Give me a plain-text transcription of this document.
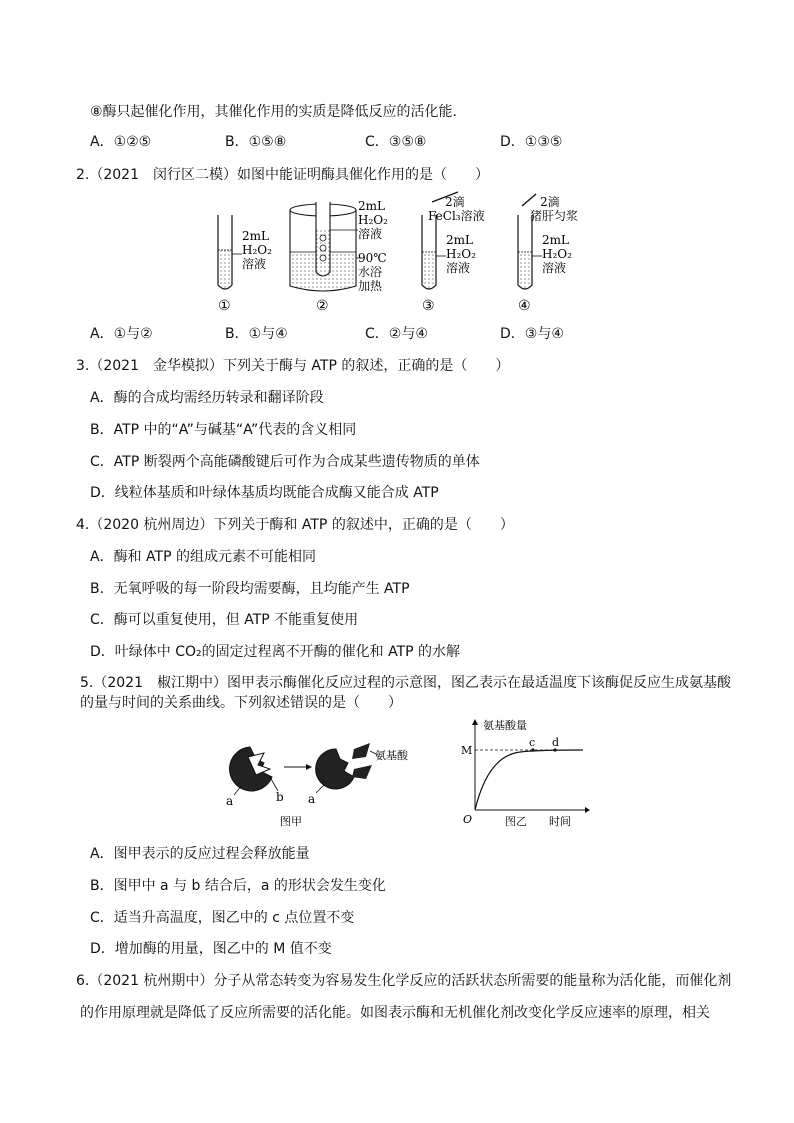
⑧酶只起催化作用，其催化作用的实质是降低反应的活化能．
A．①②⑤	B．①⑤⑧	C．③⑤⑧	D．①③⑤
2.（2021　闵行区二模）如图中能证明酶具催化作用的是（　　）
2mL
H₂O₂
溶液
①
2mL
H₂O₂
溶液
90℃
水浴
加热
②
2滴
FeCl₃溶液
2mL
H₂O₂
溶液
③
2滴
猪肝匀浆
2mL
H₂O₂
溶液
④
A．①与②	B．①与④	C．②与④	D．③与④
3.（2021　金华模拟）下列关于酶与 ATP 的叙述，正确的是（　　）
A．酶的合成均需经历转录和翻译阶段
B．ATP 中的“A”与碱基“A”代表的含义相同
C．ATP 断裂两个高能磷酸键后可作为合成某些遗传物质的单体
D．线粒体基质和叶绿体基质均既能合成酶又能合成 ATP
4.（2020 杭州周边）下列关于酶和 ATP 的叙述中，正确的是（　　）
A．酶和 ATP 的组成元素不可能相同
B．无氧呼吸的每一阶段均需要酶，且均能产生 ATP
C．酶可以重复使用，但 ATP 不能重复使用
D．叶绿体中 CO₂的固定过程离不开酶的催化和 ATP 的水解
5.（2021　椒江期中）图甲表示酶催化反应过程的示意图，图乙表示在最适温度下该酶促反应生成氨基酸
的量与时间的关系曲线。下列叙述错误的是（　　）
a	b a
氨基酸
图甲
氨基酸量
时间
O
M
c d
图乙
A．图甲表示的反应过程会释放能量
B．图甲中 a 与 b 结合后，a 的形状会发生变化
C．适当升高温度，图乙中的 c 点位置不变
D．增加酶的用量，图乙中的 M 值不变
6.（2021 杭州期中）分子从常态转变为容易发生化学反应的活跃状态所需要的能量称为活化能，而催化剂
的作用原理就是降低了反应所需要的活化能。如图表示酶和无机催化剂改变化学反应速率的原理，相关
